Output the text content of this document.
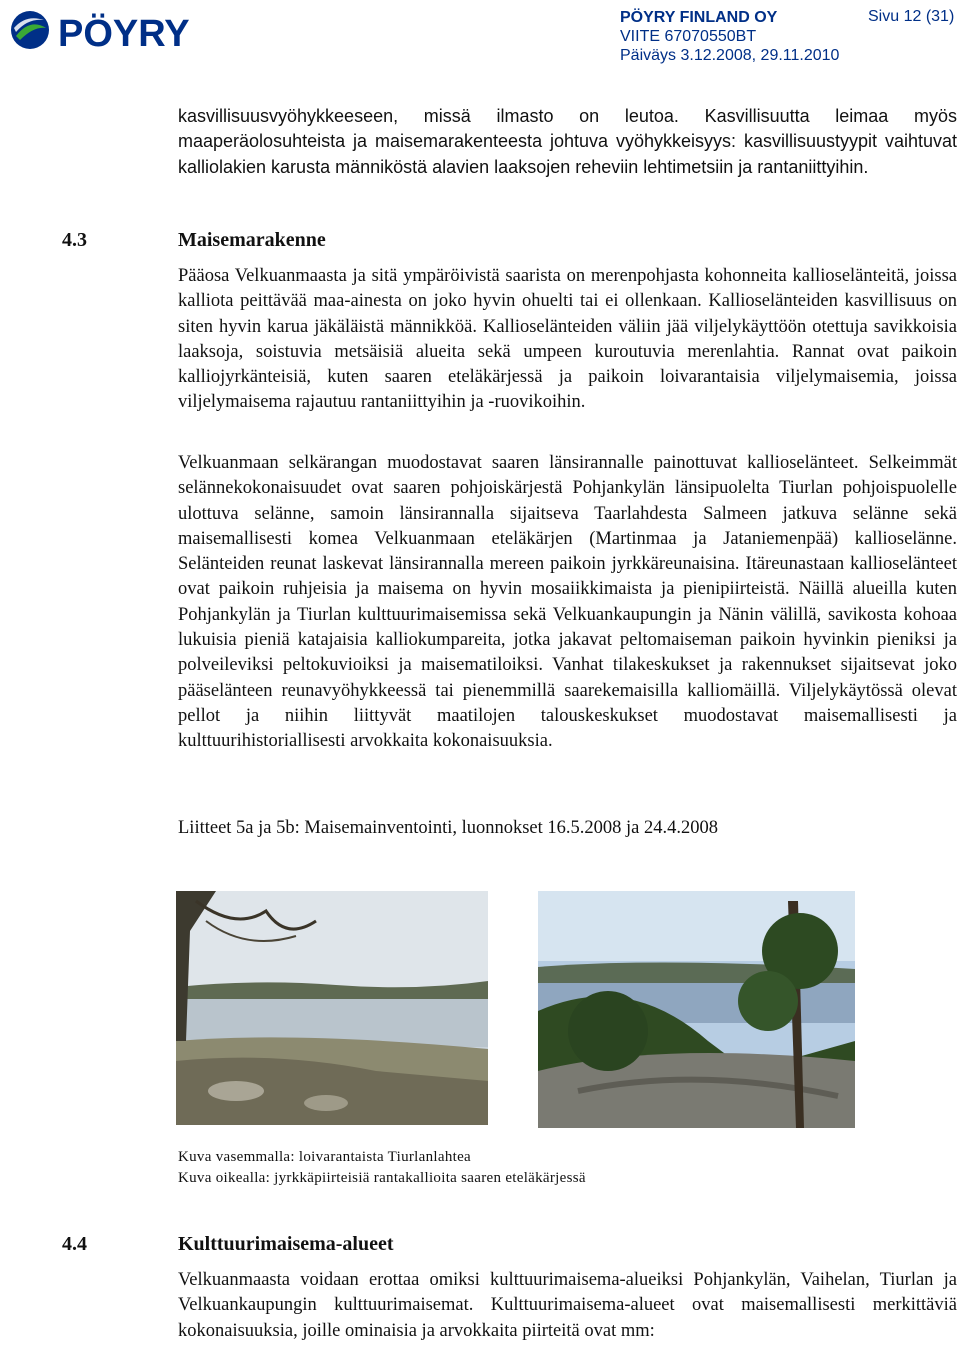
PÖYRY	PÖYRY FINLAND OY
VIITE 67070550BT
Päiväys 3.12.2008, 29.11.2010
Sivu 12 (31)

kasvillisuusvyöhykkeeseen, missä ilmasto on leutoa. Kasvillisuutta leimaa myös maaperäolosuhteista ja maisemarakenteesta johtuva vyöhykkeisyys: kasvillisuustyypit vaihtuvat kalliolakien karusta männiköstä alavien laaksojen reheviin lehtimetsiin ja rantaniittyihin.

4.3	Maisemarakenne

Pääosa Velkuanmaasta ja sitä ympäröivistä saarista on merenpohjasta kohonneita kallioselänteitä, joissa kalliota peittävää maa-ainesta on joko hyvin ohuelti tai ei ollenkaan. Kallioselänteiden kasvillisuus on siten hyvin karua jäkäläistä männikköä. Kallioselänteiden väliin jää viljelykäyttöön otettuja savikkoisia laaksoja, soistuvia metsäisiä alueita sekä umpeen kuroutuvia merenlahtia. Rannat ovat paikoin kalliojyrkänteisiä, kuten saaren eteläkärjessä ja paikoin loivarantaisia viljelymaisemia, joissa viljelymaisema rajautuu rantaniittyihin ja -ruovikoihin.

Velkuanmaan selkärangan muodostavat saaren länsirannalle painottuvat kallioselänteet. Selkeimmät selännekokonaisuudet ovat saaren pohjoiskärjestä Pohjankylän länsipuolelta Tiurlan pohjoispuolelle ulottuva selänne, samoin länsirannalla sijaitseva Taarlahdesta Salmeen jatkuva selänne sekä maisemallisesti komea Velkuanmaan eteläkärjen (Martinmaa ja Jataniemenpää) kallioselänne. Selänteiden reunat laskevat länsirannalla mereen paikoin jyrkkäreunaisina. Itäreunastaan kallioselänteet ovat paikoin ruhjeisia ja maisema on hyvin mosaiikkimaista ja pienipiirteistä. Näillä alueilla kuten Pohjankylän ja Tiurlan kulttuurimaisemissa sekä Velkuankaupungin ja Nänin välillä, savikosta kohoaa lukuisia pieniä katajaisia kalliokumpareita, jotka jakavat peltomaiseman paikoin hyvinkin pieniksi ja polveileviksi peltokuvioiksi ja maisematiloiksi. Vanhat tilakeskukset ja rakennukset sijaitsevat joko pääselänteen reunavyöhykkeessä tai pienemmillä saarekemaisilla kalliomäillä. Viljelykäytössä olevat pellot ja niihin liittyvät maatilojen talouskeskukset muodostavat maisemallisesti ja kulttuurihistoriallisesti arvokkaita kokonaisuuksia.

Liitteet 5a ja 5b: Maisemainventointi, luonnokset 16.5.2008 ja 24.4.2008

Kuva vasemmalla: loivarantaista Tiurlanlahtea
Kuva oikealla: jyrkkäpiirteisiä rantakallioita saaren eteläkärjessä
4.4	Kulttuurimaisema-alueet

Velkuanmaasta voidaan erottaa omiksi kulttuurimaisema-alueiksi Pohjankylän, Vaihelan, Tiurlan ja Velkuankaupungin kulttuurimaisemat. Kulttuurimaisema-alueet ovat maisemallisesti merkittäviä kokonaisuuksia, joille ominaisia ja arvokkaita piirteitä ovat mm:
